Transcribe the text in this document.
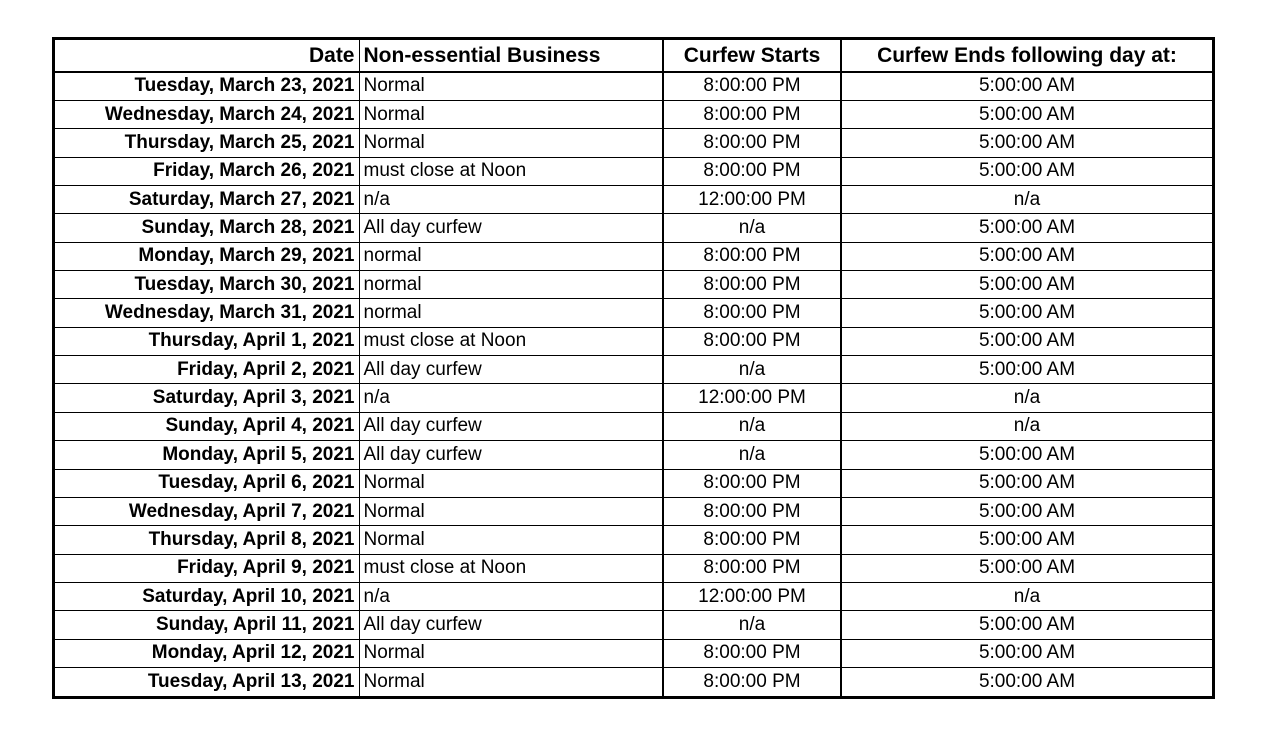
Date	Non-essential Business	Curfew Starts	Curfew Ends following day at:
Tuesday, March 23, 2021	Normal	8:00:00 PM	5:00:00 AM
Wednesday, March 24, 2021	Normal	8:00:00 PM	5:00:00 AM
Thursday, March 25, 2021	Normal	8:00:00 PM	5:00:00 AM
Friday, March 26, 2021	must close at Noon	8:00:00 PM	5:00:00 AM
Saturday, March 27, 2021	n/a	12:00:00 PM	n/a
Sunday, March 28, 2021	All day curfew	n/a	5:00:00 AM
Monday, March 29, 2021	normal	8:00:00 PM	5:00:00 AM
Tuesday, March 30, 2021	normal	8:00:00 PM	5:00:00 AM
Wednesday, March 31, 2021	normal	8:00:00 PM	5:00:00 AM
Thursday, April 1, 2021	must close at Noon	8:00:00 PM	5:00:00 AM
Friday, April 2, 2021	All day curfew	n/a	5:00:00 AM
Saturday, April 3, 2021	n/a	12:00:00 PM	n/a
Sunday, April 4, 2021	All day curfew	n/a	n/a
Monday, April 5, 2021	All day curfew	n/a	5:00:00 AM
Tuesday, April 6, 2021	Normal	8:00:00 PM	5:00:00 AM
Wednesday, April 7, 2021	Normal	8:00:00 PM	5:00:00 AM
Thursday, April 8, 2021	Normal	8:00:00 PM	5:00:00 AM
Friday, April 9, 2021	must close at Noon	8:00:00 PM	5:00:00 AM
Saturday, April 10, 2021	n/a	12:00:00 PM	n/a
Sunday, April 11, 2021	All day curfew	n/a	5:00:00 AM
Monday, April 12, 2021	Normal	8:00:00 PM	5:00:00 AM
Tuesday, April 13, 2021	Normal	8:00:00 PM	5:00:00 AM
